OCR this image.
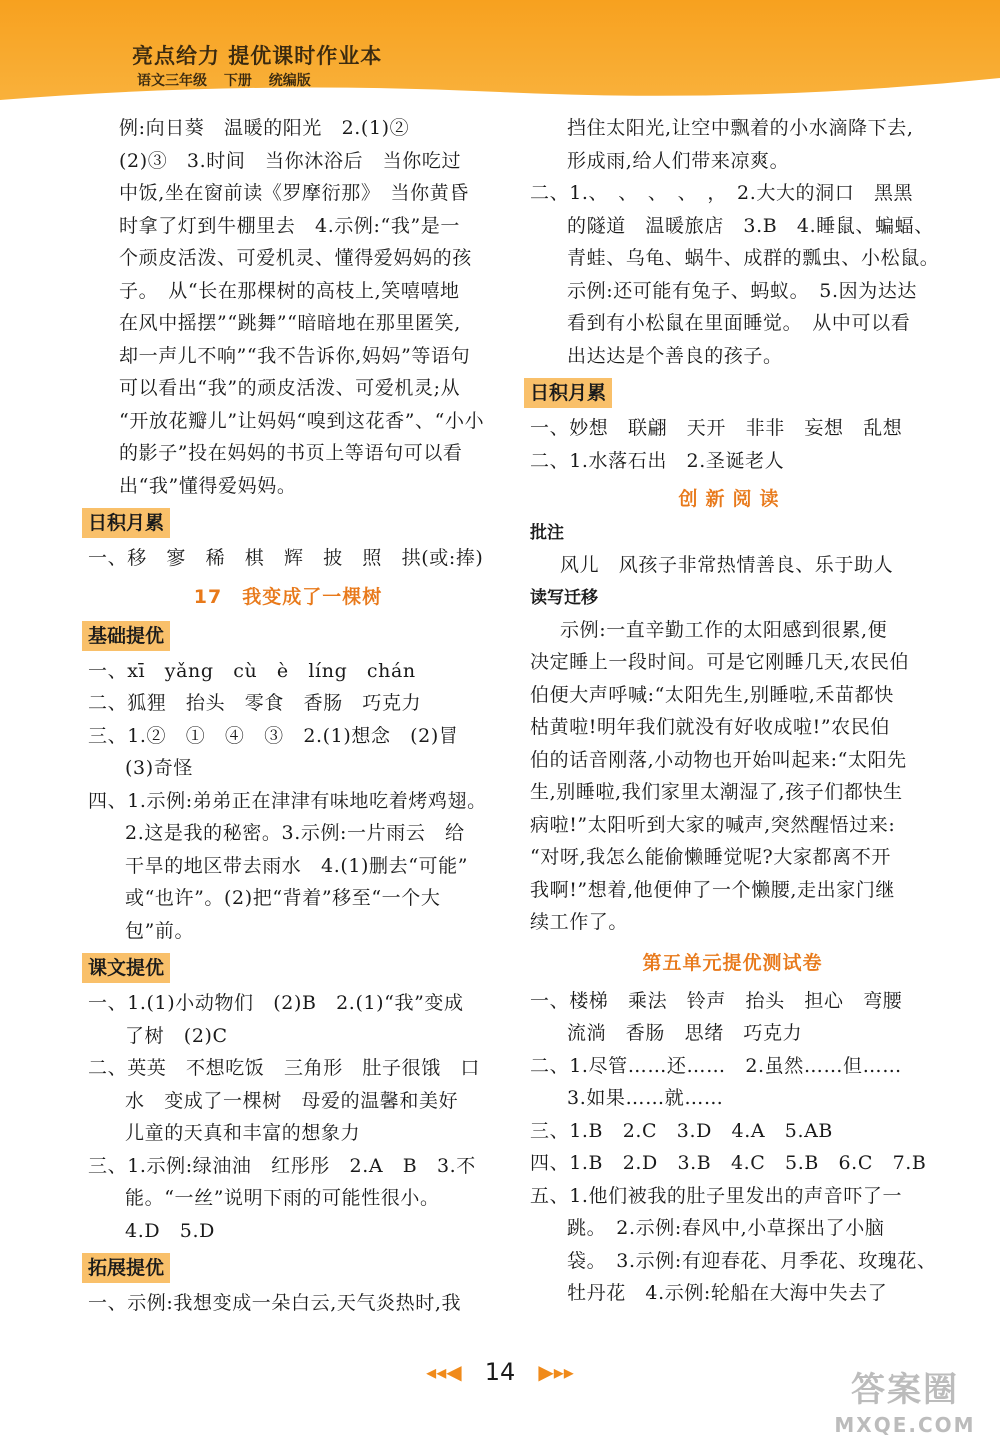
亮点给力 提优课时作业本
语文三年级 下册 统编版
例:向日葵　温暖的阳光　2.(1)②
(2)③　3.时间　当你沐浴后　当你吃过
中饭,坐在窗前读《罗摩衍那》　当你黄昏
时拿了灯到牛棚里去　4.示例:“我”是一
个顽皮活泼、可爱机灵、懂得爱妈妈的孩
子。　从“长在那棵树的高枝上,笑嘻嘻地
在风中摇摆”“跳舞”“暗暗地在那里匿笑,
却一声儿不响”“我不告诉你,妈妈”等语句
可以看出“我”的顽皮活泼、可爱机灵;从
“开放花瓣儿”让妈妈“嗅到这花香”、“小小
的影子”投在妈妈的书页上等语句可以看
出“我”懂得爱妈妈。
日积月累
一、移　寥　稀　棋　辉　披　照　拱(或:捧)
17　我变成了一棵树
基础提优
一、xī　yǎng　cù　è　líng　chán
二、狐狸　抬头　零食　香肠　巧克力
三、1.②　①　④　③　2.(1)想念　(2)冒
(3)奇怪
四、1.示例:弟弟正在津津有味地吃着烤鸡翅。
2.这是我的秘密。3.示例:一片雨云　给
干旱的地区带去雨水　4.(1)删去“可能”
或“也许”。(2)把“背着”移至“一个大
包”前。
课文提优
一、1.(1)小动物们　(2)B　2.(1)“我”变成
了树　(2)C
二、英英　不想吃饭　三角形　肚子很饿　口
水　变成了一棵树　母爱的温馨和美好
儿童的天真和丰富的想象力
三、1.示例:绿油油　红彤彤　2.A　B　3.不
能。“一丝”说明下雨的可能性很小。
4.D　5.D
拓展提优
一、示例:我想变成一朵白云,天气炎热时,我
挡住太阳光,让空中飘着的小水滴降下去,
形成雨,给人们带来凉爽。
二、1.、　、　、　、　，　2.大大的洞口　黑黑
的隧道　温暖旅店　3.B　4.睡鼠、蝙蝠、
青蛙、乌龟、蜗牛、成群的瓢虫、小松鼠。
示例:还可能有兔子、蚂蚁。　5.因为达达
看到有小松鼠在里面睡觉。　从中可以看
出达达是个善良的孩子。
日积月累
一、妙想　联翩　天开　非非　妄想　乱想
二、1.水落石出　2.圣诞老人
创新阅读
批注
风儿　风孩子非常热情善良、乐于助人
读写迁移
示例:一直辛勤工作的太阳感到很累,便
决定睡上一段时间。可是它刚睡几天,农民伯
伯便大声呼喊:“太阳先生,别睡啦,禾苗都快
枯黄啦!明年我们就没有好收成啦!”农民伯
伯的话音刚落,小动物也开始叫起来:“太阳先
生,别睡啦,我们家里太潮湿了,孩子们都快生
病啦!”太阳听到大家的喊声,突然醒悟过来:
“对呀,我怎么能偷懒睡觉呢?大家都离不开
我啊!”想着,他便伸了一个懒腰,走出家门继
续工作了。
第五单元提优测试卷
一、楼梯　乘法　铃声　抬头　担心　弯腰
流淌　香肠　思绪　巧克力
二、1.尽管……还……　2.虽然……但……
3.如果……就……
三、1.B　2.C　3.D　4.A　5.AB
四、1.B　2.D　3.B　4.C　5.B　6.C　7.B
五、1.他们被我的肚子里发出的声音吓了一
跳。　2.示例:春风中,小草探出了小脑
袋。　3.示例:有迎春花、月季花、玫瑰花、
牡丹花　4.示例:轮船在大海中失去了
◂◂◀ 14 ▶▸▸	答案圈
MXQE.COM
